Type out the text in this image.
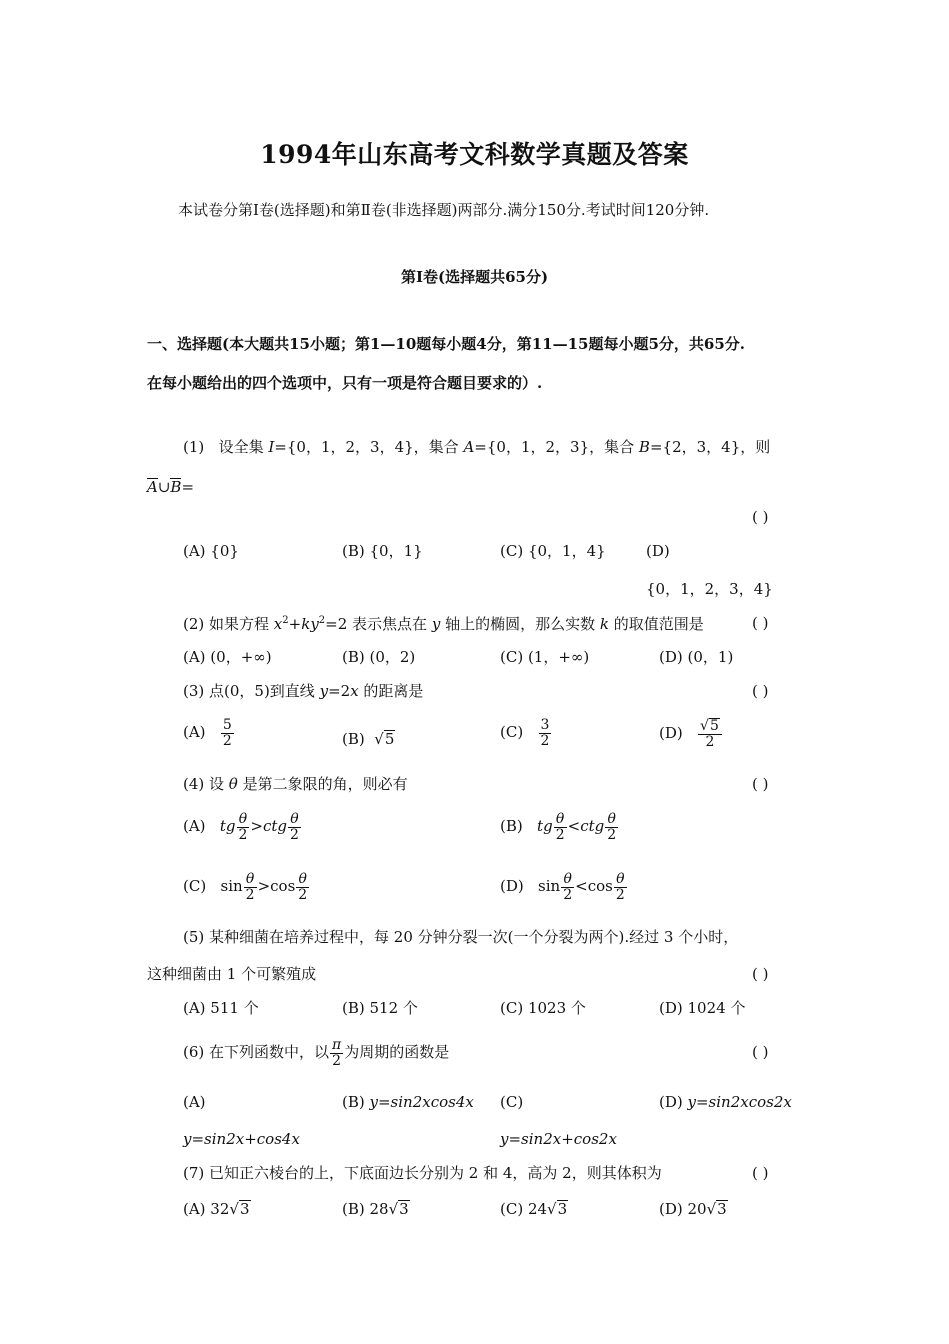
1994年山东高考文科数学真题及答案
本试卷分第Ⅰ卷(选择题)和第Ⅱ卷(非选择题)两部分.满分150分.考试时间120分钟.
第Ⅰ卷(选择题共65分)
一、选择题(本大题共15小题；第1—10题每小题4分，第11—15题每小题5分，共65分.
在每小题给出的四个选项中，只有一项是符合题目要求的）.
(1) 设全集 I={0，1，2，3，4}，集合 A={0，1，2，3}，集合 B={2，3，4}，则
A∪B=
( )
(A) {0}	(B) {0，1}	(C) {0，1，4}	(D)
{0，1，2，3，4}
(2) 如果方程 $x^2+ky^2=2$ 表示焦点在 y 轴上的椭圆，那么实数 k 的取值范围是	( )
(A) (0，+∞)	(B) (0，2)	(C) (1，+∞)	(D) (0，1)
(3) 点(0，5)到直线 y=2x 的距离是	( )
$(A) \frac{5}{2}$	(B)  √5	$(C) \frac{3}{2}$	$(D) \frac{√5}{2}$
(4) 设 θ 是第二象限的角，则必有	( )
(A) tg $\frac{\theta}{2} >ctg \frac{\theta}{2}$	(B) tg $\frac{\theta}{2} <ctg \frac{\theta}{2}$
(C) $\sin \frac{\theta}{2} >\cos \frac{\theta}{2}$	(D) $\sin \frac{\theta}{2} <\cos \frac{\theta}{2}$
(5) 某种细菌在培养过程中，每 20 分钟分裂一次(一个分裂为两个).经过 3 个小时，
这种细菌由 1 个可繁殖成	( )
(A) 511 个	(B) 512 个	(C) 1023 个	(D) 1024 个
(6) 在下列函数中，以 $\frac{\pi}{2}$ 为周期的函数是	( )
(A)	(B) y=sin2xcos4x (C)	(D) y=sin2xcos2x
y=sin2x+cos4x	y=sin2x+cos2x
(7) 已知正六棱台的上，下底面边长分别为 2 和 4，高为 2，则其体积为	( )
(A) 32√3	(B) 28√3	(C) 24√3	(D) 20√3
